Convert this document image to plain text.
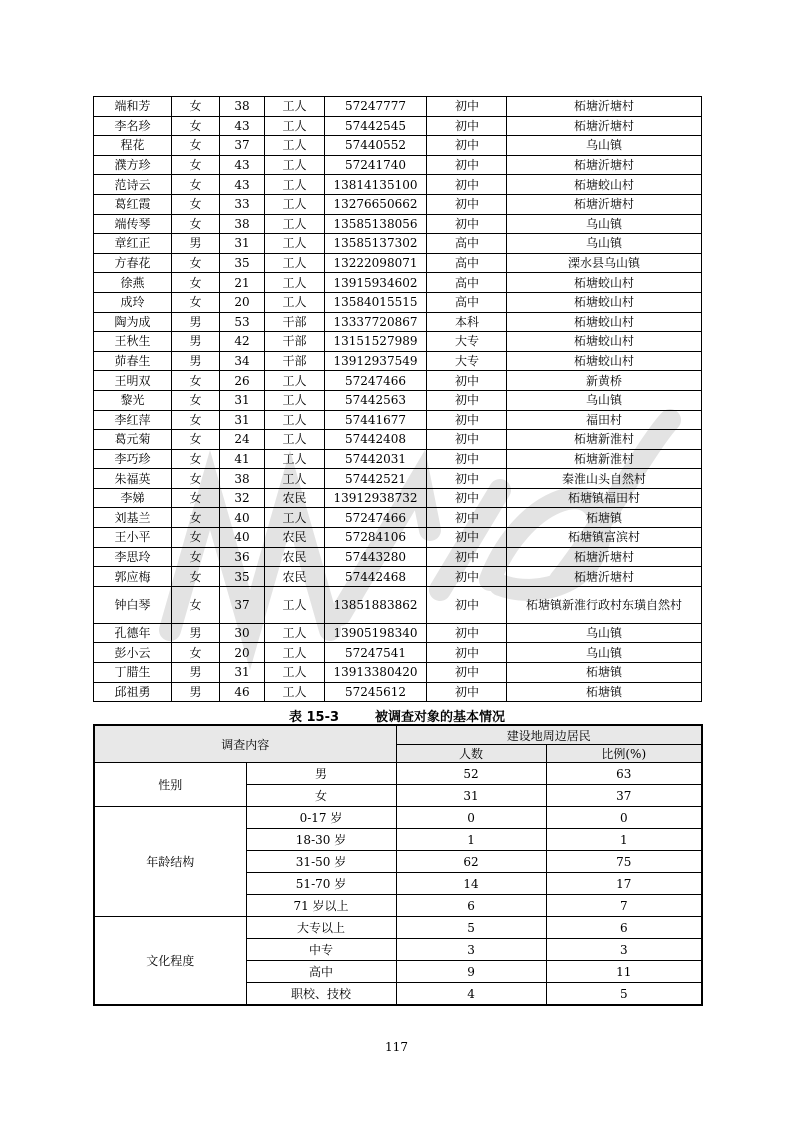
端和芳	女	38	工人	57247777	初中	柘塘沂塘村
李名珍	女	43	工人	57442545	初中	柘塘沂塘村
程花	女	37	工人	57440552	初中	乌山镇
濮方珍	女	43	工人	57241740	初中	柘塘沂塘村
范诗云	女	43	工人	13814135100	初中	柘塘蛟山村
葛红霞	女	33	工人	13276650662	初中	柘塘沂塘村
端传琴	女	38	工人	13585138056	初中	乌山镇
章红正	男	31	工人	13585137302	高中	乌山镇
方春花	女	35	工人	13222098071	高中	溧水县乌山镇
徐燕	女	21	工人	13915934602	高中	柘塘蛟山村
成玲	女	20	工人	13584015515	高中	柘塘蛟山村
陶为成	男	53	干部	13337720867	本科	柘塘蛟山村
王秋生	男	42	干部	13151527989	大专	柘塘蛟山村
茆春生	男	34	干部	13912937549	大专	柘塘蛟山村
王明双	女	26	工人	57247466	初中	新黄桥
黎光	女	31	工人	57442563	初中	乌山镇
李红萍	女	31	工人	57441677	初中	福田村
葛元菊	女	24	工人	57442408	初中	柘塘新淮村
李巧珍	女	41	工人	57442031	初中	柘塘新淮村
朱福英	女	38	工人	57442521	初中	秦淮山头自然村
李娣	女	32	农民	13912938732	初中	柘塘镇福田村
刘基兰	女	40	工人	57247466	初中	柘塘镇
王小平	女	40	农民	57284106	初中	柘塘镇富滨村
李思玲	女	36	农民	57443280	初中	柘塘沂塘村
郭应梅	女	35	农民	57442468	初中	柘塘沂塘村
钟白琴	女	37	工人	13851883862	初中	柘塘镇新淮行政村东璜自然村
孔德年	男	30	工人	13905198340	初中	乌山镇
彭小云	女	20	工人	57247541	初中	乌山镇
丁腊生	男	31	工人	13913380420	初中	柘塘镇
邱祖勇	男	46	工人	57245612	初中	柘塘镇
表 15-3	被调查对象的基本情况
调查内容		建设地周边居民	
		人数	比例(%)
性别	男	52	63
	女	31	37
年龄结构	0-17 岁	0	0
	18-30 岁	1	1
	31-50 岁	62	75
	51-70 岁	14	17
	71 岁以上	6	7
文化程度	大专以上	5	6
	中专	3	3
	高中	9	11
	职校、技校	4	5
117
